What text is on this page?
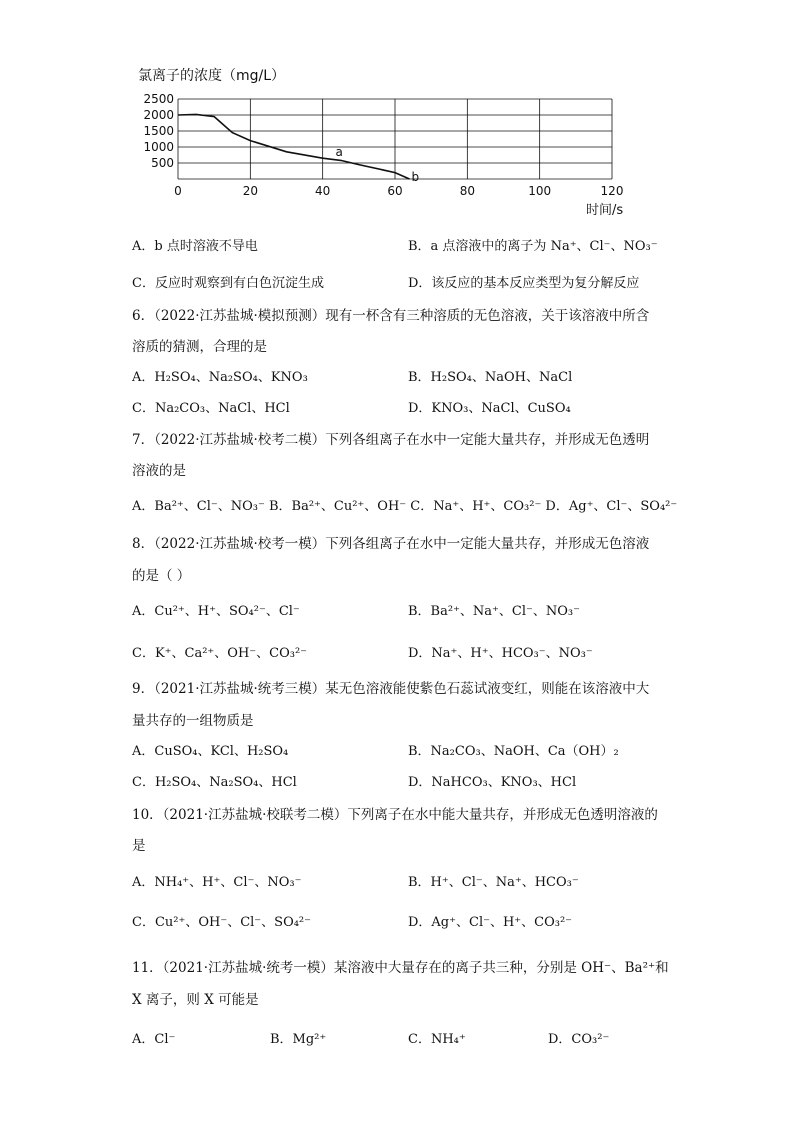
氯离子的浓度（mg/L）
500
1000
1500
2000
2500
0	20	40	60	80	100	120
a
b
时间/s
A．b 点时溶液不导电	B．a 点溶液中的离子为 Na⁺、Cl⁻、NO₃⁻
C．反应时观察到有白色沉淀生成	D．该反应的基本反应类型为复分解反应
6．（2022·江苏盐城·模拟预测）现有一杯含有三种溶质的无色溶液，关于该溶液中所含
溶质的猜测，合理的是
A．H₂SO₄、Na₂SO₄、KNO₃	B．H₂SO₄、NaOH、NaCl
C．Na₂CO₃、NaCl、HCl	D．KNO₃、NaCl、CuSO₄
7．（2022·江苏盐城·校考二模）下列各组离子在水中一定能大量共存，并形成无色透明
溶液的是
A．Ba²⁺、Cl⁻、NO₃⁻ B．Ba²⁺、Cu²⁺、OH⁻ C．Na⁺、H⁺、CO₃²⁻ D．Ag⁺、Cl⁻、SO₄²⁻
8．（2022·江苏盐城·校考一模）下列各组离子在水中一定能大量共存，并形成无色溶液
的是（ ）
A．Cu²⁺、H⁺、SO₄²⁻、Cl⁻	B．Ba²⁺、Na⁺、Cl⁻、NO₃⁻
C．K⁺、Ca²⁺、OH⁻、CO₃²⁻	D．Na⁺、H⁺、HCO₃⁻、NO₃⁻
9．（2021·江苏盐城·统考三模）某无色溶液能使紫色石蕊试液变红，则能在该溶液中大
量共存的一组物质是
A．CuSO₄、KCl、H₂SO₄	B．Na₂CO₃、NaOH、Ca（OH）₂
C．H₂SO₄、Na₂SO₄、HCl	D．NaHCO₃、KNO₃、HCl
10．（2021·江苏盐城·校联考二模）下列离子在水中能大量共存，并形成无色透明溶液的
是
A．NH₄⁺、H⁺、Cl⁻、NO₃⁻	B．H⁺、Cl⁻、Na⁺、HCO₃⁻
C．Cu²⁺、OH⁻、Cl⁻、SO₄²⁻	D．Ag⁺、Cl⁻、H⁺、CO₃²⁻
11．（2021·江苏盐城·统考一模）某溶液中大量存在的离子共三种，分别是 OH⁻、Ba²⁺和
X 离子，则 X 可能是
A．Cl⁻	B．Mg²⁺	C．NH₄⁺	D．CO₃²⁻
